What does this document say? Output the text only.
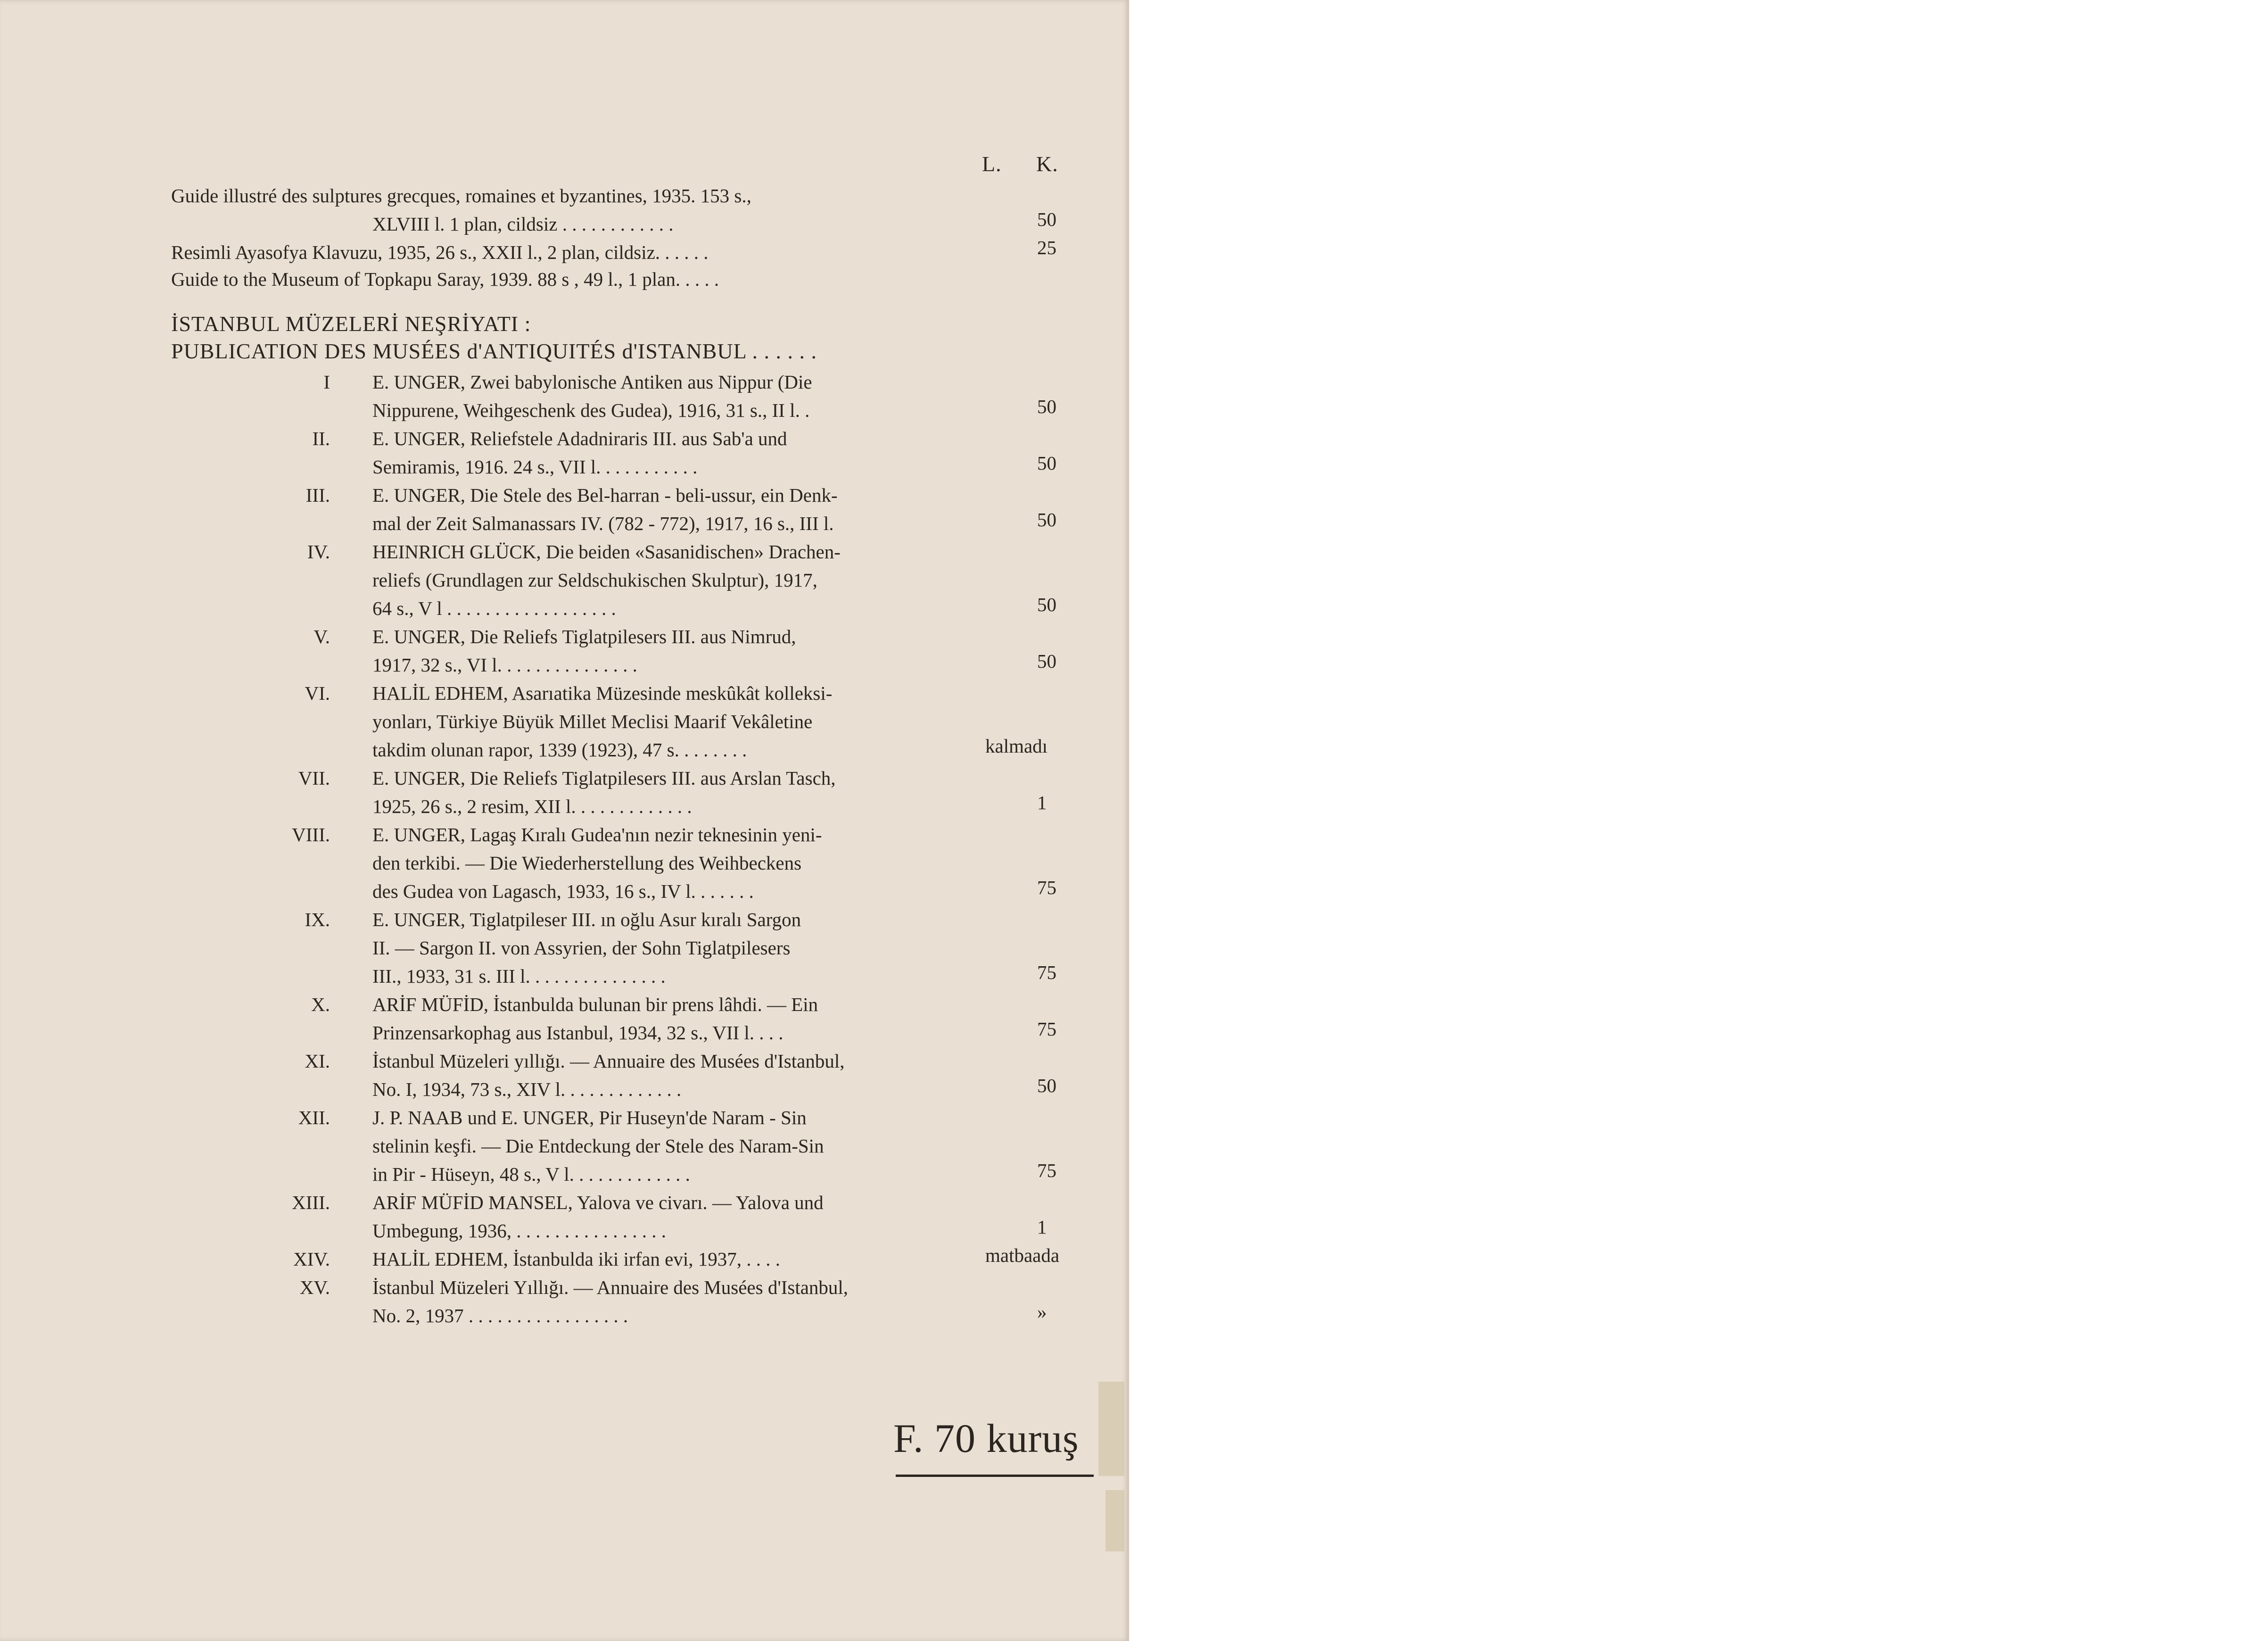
L. K.
Guide illustré des sulptures grecques, romaines et byzantines, 1935. 153 s.,
XLVIII l. 1 plan, cildsiz . . . . . . . . . . . .	50
Resimli Ayasofya Klavuzu, 1935, 26 s., XXII l., 2 plan, cildsiz. . . . . .	25
Guide to the Museum of Topkapu Saray, 1939. 88 s , 49 l., 1 plan. . . . .
İSTANBUL MÜZELERİ NEŞRİYATI :
PUBLICATION DES MUSÉES d'ANTIQUITÉS d'ISTANBUL . . . . . .
I E. UNGER, Zwei babylonische Antiken aus Nippur (Die
Nippurene, Weihgeschenk des Gudea), 1916, 31 s., II l. .	50
II. E. UNGER, Reliefstele Adadniraris III. aus Sab'a und
Semiramis, 1916. 24 s., VII l. . . . . . . . . . .	50
III. E. UNGER, Die Stele des Bel-harran - beli-ussur, ein Denk-
mal der Zeit Salmanassars IV. (782 - 772), 1917, 16 s., III l.	50
IV. HEINRICH GLÜCK, Die beiden «Sasanidischen» Drachen-
reliefs (Grundlagen zur Seldschukischen Skulptur), 1917,
64 s., V l . . . . . . . . . . . . . . . . . .	50
V. E. UNGER, Die Reliefs Tiglatpilesers III. aus Nimrud,
1917, 32 s., VI l. . . . . . . . . . . . . . .	50
VI. HALİL EDHEM, Asarıatika Müzesinde meskûkât kolleksi-
yonları, Türkiye Büyük Millet Meclisi Maarif Vekâletine
takdim olunan rapor, 1339 (1923), 47 s. . . . . . . .	kalmadı
VII. E. UNGER, Die Reliefs Tiglatpilesers III. aus Arslan Tasch,
1925, 26 s., 2 resim, XII l. . . . . . . . . . . . .	1
VIII. E. UNGER, Lagaş Kıralı Gudea'nın nezir teknesinin yeni-
den terkibi. — Die Wiederherstellung des Weihbeckens
des Gudea von Lagasch, 1933, 16 s., IV l. . . . . . .	75
IX. E. UNGER, Tiglatpileser III. ın oğlu Asur kıralı Sargon
II. — Sargon II. von Assyrien, der Sohn Tiglatpilesers
III., 1933, 31 s. III l. . . . . . . . . . . . . . .	75
X. ARİF MÜFİD, İstanbulda bulunan bir prens lâhdi. — Ein
Prinzensarkophag aus Istanbul, 1934, 32 s., VII l. . . .	75
XI. İstanbul Müzeleri yıllığı. — Annuaire des Musées d'Istanbul,
No. I, 1934, 73 s., XIV l. . . . . . . . . . . . .	50
XII. J. P. NAAB und E. UNGER, Pir Huseyn'de Naram - Sin
stelinin keşfi. — Die Entdeckung der Stele des Naram-Sin
in Pir - Hüseyn, 48 s., V l. . . . . . . . . . . . .	75
XIII. ARİF MÜFİD MANSEL, Yalova ve civarı. — Yalova und
Umbegung, 1936, . . . . . . . . . . . . . . . .	1
XIV. HALİL EDHEM, İstanbulda iki irfan evi, 1937, . . . .	matbaada
XV. İstanbul Müzeleri Yıllığı. — Annuaire des Musées d'Istanbul,
No. 2, 1937 . . . . . . . . . . . . . . . . .	»
F. 70 kuruş
